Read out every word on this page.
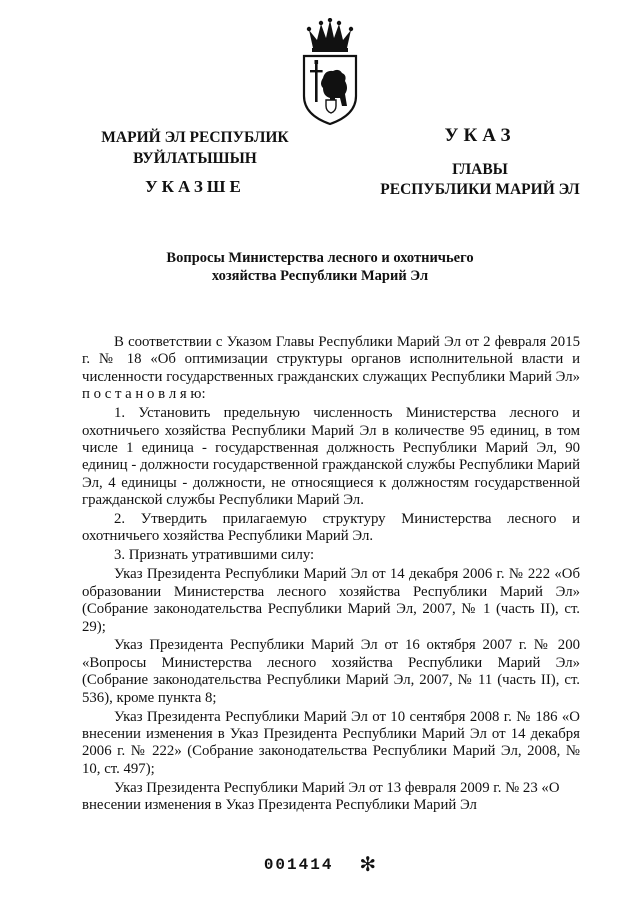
МАРИЙ ЭЛ РЕСПУБЛИК
ВУЙЛАТЫШЫН
УКАЗШЕ
УКАЗ
ГЛАВЫ
РЕСПУБЛИКИ МАРИЙ ЭЛ
Вопросы Министерства лесного и охотничьего
хозяйства Республики Марий Эл

В соответствии с Указом Главы Республики Марий Эл от 2 февраля 2015 г. № 18 «Об оптимизации структуры органов исполнительной власти и численности государственных гражданских служащих Республики Марий Эл» п о с т а н о в л я ю:

1. Установить предельную численность Министерства лесного и охотничьего хозяйства Республики Марий Эл в количестве 95 единиц, в том числе 1 единица - государственная должность Республики Марий Эл, 90 единиц - должности государственной гражданской службы Республики Марий Эл, 4 единицы - должности, не относящиеся к должностям государственной гражданской службы Республики Марий Эл.

2. Утвердить прилагаемую структуру Министерства лесного и охотничьего хозяйства Республики Марий Эл.

3. Признать утратившими силу:

Указ Президента Республики Марий Эл от 14 декабря 2006 г. № 222 «Об образовании Министерства лесного хозяйства Республики Марий Эл» (Собрание законодательства Республики Марий Эл, 2007, № 1 (часть II), ст. 29);

Указ Президента Республики Марий Эл от 16 октября 2007 г. № 200 «Вопросы Министерства лесного хозяйства Республики Марий Эл» (Собрание законодательства Республики Марий Эл, 2007, № 11 (часть II), ст. 536), кроме пункта 8;

Указ Президента Республики Марий Эл от 10 сентября 2008 г. № 186 «О внесении изменения в Указ Президента Республики Марий Эл от 14 декабря 2006 г. № 222» (Собрание законодательства Республики Марий Эл, 2008, № 10, ст. 497);

Указ Президента Республики Марий Эл от 13 февраля 2009 г. № 23 «О внесении изменения в Указ Президента Республики Марий Эл

001414 ✻
